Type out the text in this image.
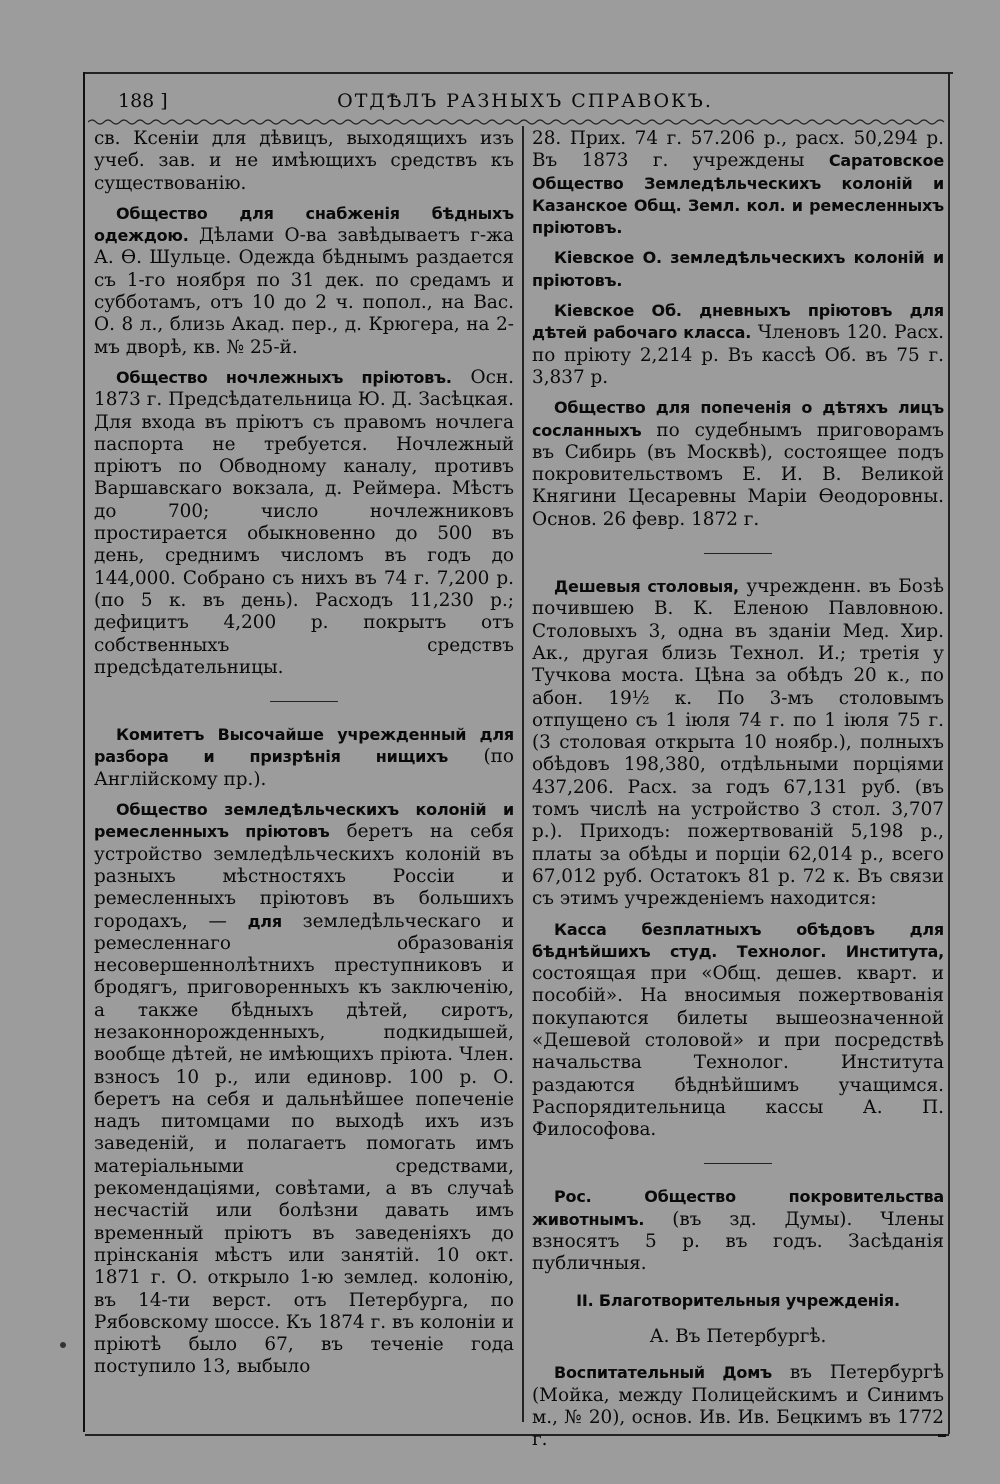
188 ]	ОТДѢЛЪ РАЗНЫХЪ СПРАВОКЪ.

св. Ксеніи для дѣвицъ, выходящихъ изъ учеб. зав. и не имѣющихъ средствъ къ существованію.

Общество для снабженія бѣдныхъ одеждою. Дѣлами О-ва завѣдываетъ г-жа А. Ѳ. Шульце. Одежда бѣднымъ раздается съ 1-го ноября по 31 дек. по средамъ и субботамъ, отъ 10 до 2 ч. попол., на Вас. О. 8 л., близь Акад. пер., д. Крюгера, на 2-мъ дворѣ, кв. № 25-й.

Общество ночлежныхъ пріютовъ. Осн. 1873 г. Предсѣдательница Ю. Д. Засѣцкая. Для входа въ пріютъ съ правомъ ночлега паспорта не требуется. Ночлежный пріютъ по Обводному каналу, противъ Варшавскаго вокзала, д. Реймера. Мѣстъ до 700; число ночлежниковъ простирается обыкновенно до 500 въ день, среднимъ числомъ въ годъ до 144,000. Собрано съ нихъ въ 74 г. 7,200 р. (по 5 к. въ день). Расходъ 11,230 р.; дефицитъ 4,200 р. покрытъ отъ собственныхъ средствъ предсѣдательницы.

Комитетъ Высочайше учрежденный для разбора и призрѣнія нищихъ (по Англійскому пр.).

Общество земледѣльческихъ колоній и ремесленныхъ пріютовъ беретъ на себя устройство земледѣльческихъ колоній въ разныхъ мѣстностяхъ Россіи и ремесленныхъ пріютовъ въ большихъ городахъ, — для земледѣльческаго и ремесленнаго образованія несовершеннолѣтнихъ преступниковъ и бродягъ, приговоренныхъ къ заключенію, а также бѣдныхъ дѣтей, сиротъ, незаконнорожденныхъ, подкидышей, вообще дѣтей, не имѣющихъ пріюта. Член. взносъ 10 р., или единовр. 100 р. О. беретъ на себя и дальнѣйшее попеченіе надъ питомцами по выходѣ ихъ изъ заведеній, и полагаетъ помогать имъ матеріальными средствами, рекомендаціями, совѣтами, а въ случаѣ несчастій или болѣзни давать имъ временный пріютъ въ заведеніяхъ до прінсканія мѣстъ или занятій. 10 окт. 1871 г. О. открыло 1-ю землед. колонію, въ 14-ти верст. отъ Петербурга, по Рябовскому шоссе. Къ 1874 г. въ колоніи и пріютѣ было 67, въ теченіе года поступило 13, выбыло

28. Прих. 74 г. 57.206 р., расх. 50,294 р. Въ 1873 г. учреждены Саратовское Общество Земледѣльческихъ колоній и Казанское Общ. Земл. кол. и ремесленныхъ пріютовъ.

Кіевское О. земледѣльческихъ колоній и пріютовъ.

Кіевское Об. дневныхъ пріютовъ для дѣтей рабочаго класса. Членовъ 120. Расх. по пріюту 2,214 р. Въ кассѣ Об. въ 75 г. 3,837 р.

Общество для попеченія о дѣтяхъ лицъ сосланныхъ по судебнымъ приговорамъ въ Сибирь (въ Москвѣ), состоящее подъ покровительствомъ Е. И. В. Великой Княгини Цесаревны Маріи Ѳеодоровны. Основ. 26 февр. 1872 г.

Дешевыя столовыя, учрежденн. въ Бозѣ почившею В. К. Еленою Павловною. Столовыхъ 3, одна въ зданіи Мед. Хир. Ак., другая близь Технол. И.; третія у Тучкова моста. Цѣна за обѣдъ 20 к., по абон. 19½ к. По 3-мъ столовымъ отпущено съ 1 іюля 74 г. по 1 іюля 75 г. (3 столовая открыта 10 ноябр.), полныхъ обѣдовъ 198,380, отдѣльными порціями 437,206. Расх. за годъ 67,131 руб. (въ томъ числѣ на устройство 3 стол. 3,707 р.). Приходъ: пожертвованій 5,198 р., платы за обѣды и порціи 62,014 р., всего 67,012 руб. Остатокъ 81 р. 72 к. Въ связи съ этимъ учрежденіемъ находится:

Касса безплатныхъ обѣдовъ для бѣднѣйшихъ студ. Технолог. Института, состоящая при «Общ. дешев. кварт. и пособій». На вносимыя пожертвованія покупаются билеты вышеозначенной «Дешевой столовой» и при посредствѣ начальства Технолог. Института раздаются бѣднѣйшимъ учащимся. Распорядительница кассы А. П. Философова.

Рос. Общество покровительства животнымъ. (въ зд. Думы). Члены взносятъ 5 р. въ годъ. Засѣданія публичныя.

II. Благотворительныя учрежденія.

А. Въ Петербургѣ.

Воспитательный Домъ въ Петербургѣ (Мойка, между Полицейскимъ и Синимъ м., № 20), основ. Ив. Ив. Бецкимъ въ 1772 г.
